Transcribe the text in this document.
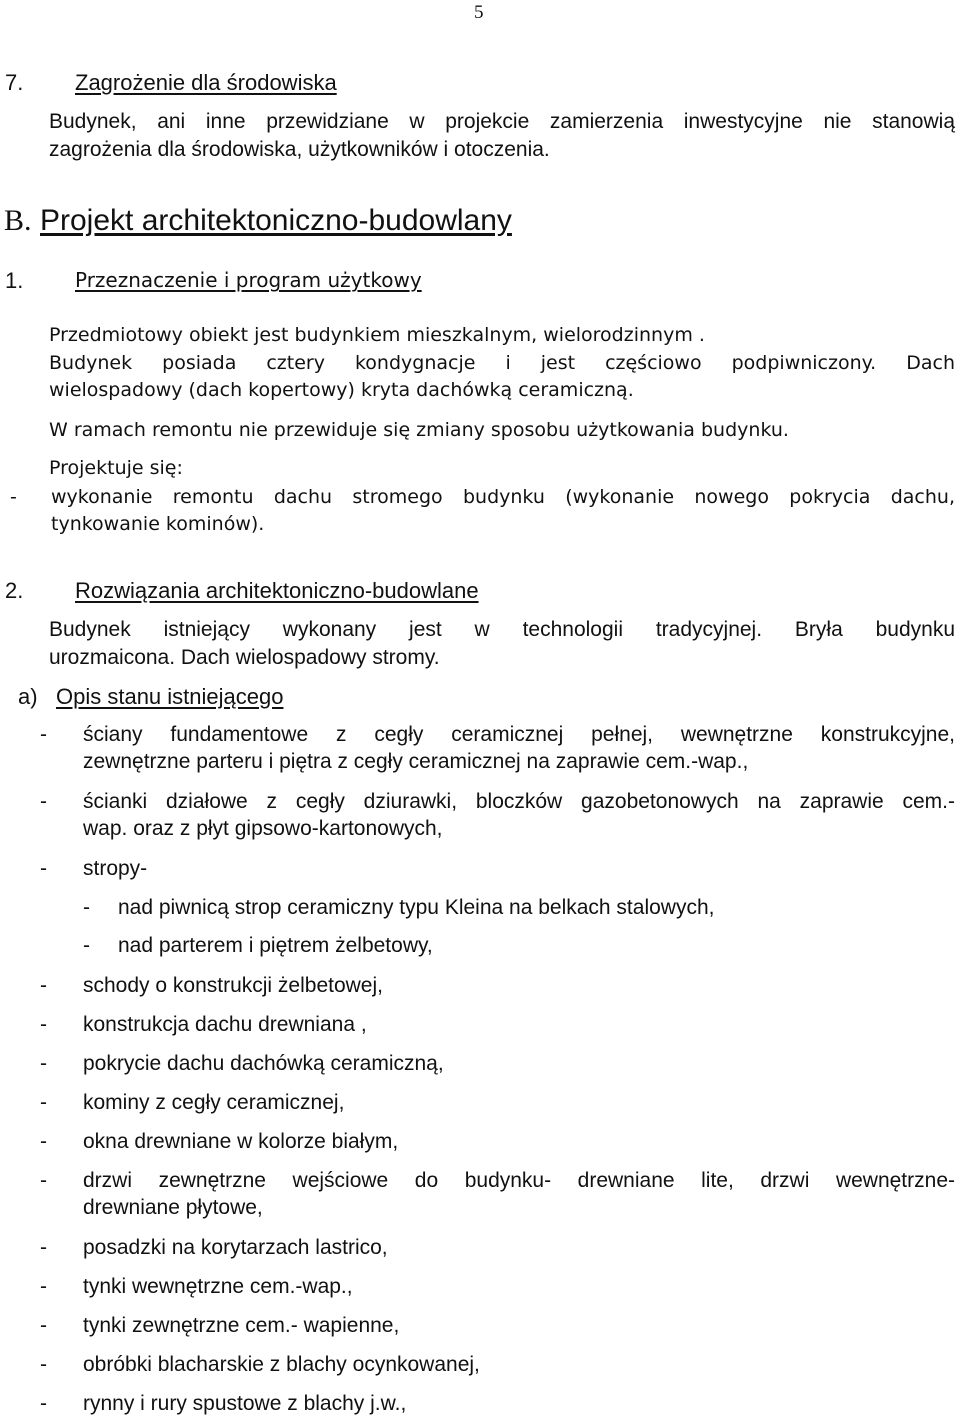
5
7. Zagrożenie dla środowiska
Budynek, ani inne przewidziane w projekcie zamierzenia inwestycyjne nie stanowią
zagrożenia dla środowiska, użytkowników i otoczenia.
B. Projekt architektoniczno-budowlany
1.	Przeznaczenie i program użytkowy
Przedmiotowy obiekt jest budynkiem mieszkalnym, wielorodzinnym .
Budynek posiada cztery kondygnacje i jest częściowo podpiwniczony. Dach
wielospadowy (dach kopertowy) kryta dachówką ceramiczną.
W ramach remontu nie przewiduje się zmiany sposobu użytkowania budynku.
Projektuje się:
- wykonanie remontu dachu stromego budynku (wykonanie nowego pokrycia dachu,
tynkowanie kominów).
2. Rozwiązania architektoniczno-budowlane
Budynek istniejący wykonany jest w technologii tradycyjnej. Bryła budynku
urozmaicona. Dach wielospadowy stromy.
a) Opis stanu istniejącego
- ściany fundamentowe z cegły ceramicznej pełnej, wewnętrzne konstrukcyjne,
zewnętrzne parteru i piętra z cegły ceramicznej na zaprawie cem.-wap.,
- ścianki działowe z cegły dziurawki, bloczków gazobetonowych na zaprawie cem.-
wap. oraz z płyt gipsowo-kartonowych,
- stropy-
- nad piwnicą strop ceramiczny typu Kleina na belkach stalowych,
- nad parterem i piętrem żelbetowy,
- schody o konstrukcji żelbetowej,
- konstrukcja dachu drewniana ,
- pokrycie dachu dachówką ceramiczną,
- kominy z cegły ceramicznej,
- okna drewniane w kolorze białym,
- drzwi zewnętrzne wejściowe do budynku- drewniane lite, drzwi wewnętrzne-
drewniane płytowe,
- posadzki na korytarzach lastrico,
- tynki wewnętrzne cem.-wap.,
- tynki zewnętrzne cem.- wapienne,
- obróbki blacharskie z blachy ocynkowanej,
- rynny i rury spustowe z blachy j.w.,
